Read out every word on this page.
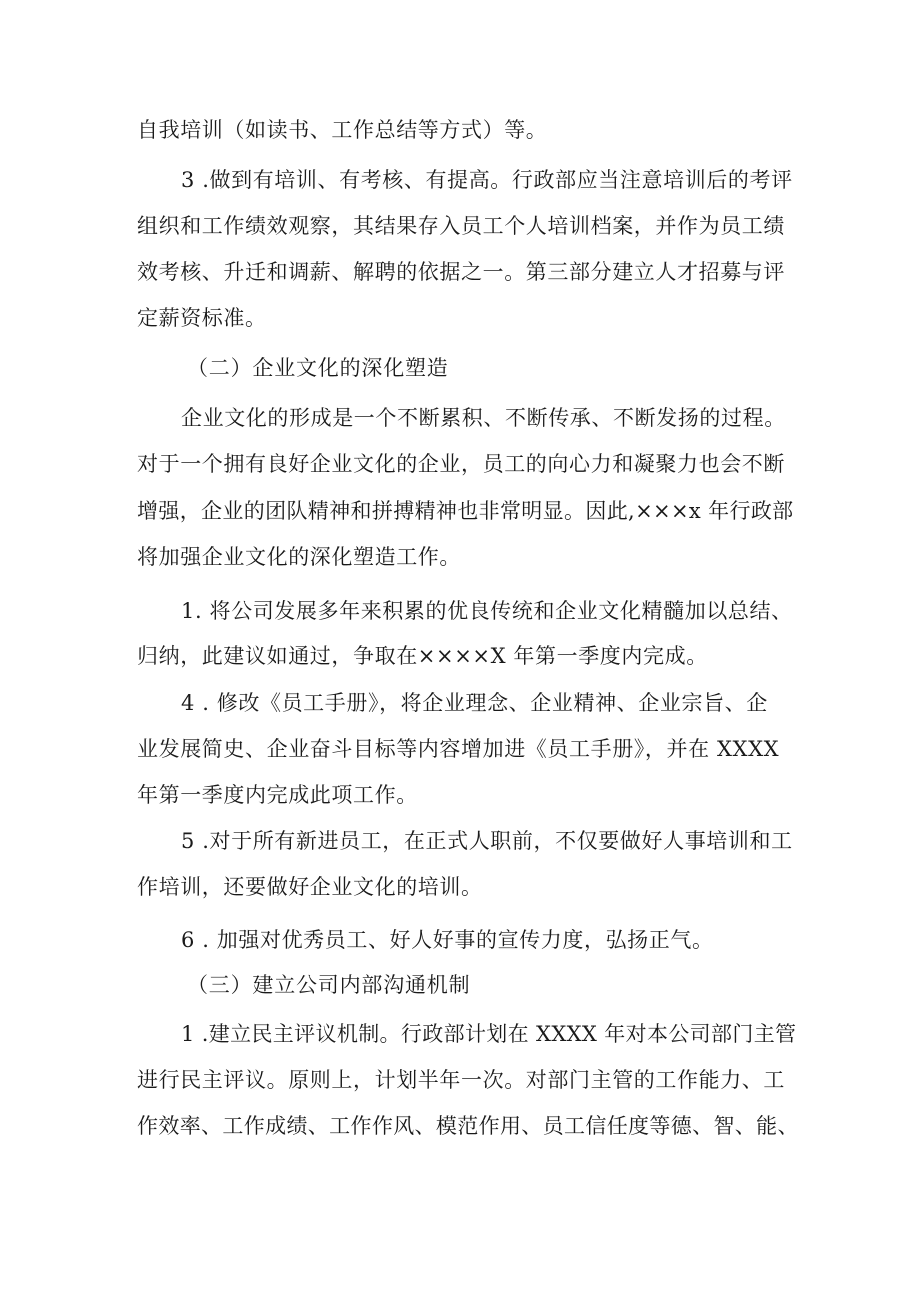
自我培训（如读书、工作总结等方式）等。
3 .做到有培训、有考核、有提高。行政部应当注意培训后的考评
组织和工作绩效观察，其结果存入员工个人培训档案，并作为员工绩
效考核、升迁和调薪、解聘的依据之一。第三部分建立人才招募与评
定薪资标准。
（二）企业文化的深化塑造
企业文化的形成是一个不断累积、不断传承、不断发扬的过程。
对于一个拥有良好企业文化的企业，员工的向心力和凝聚力也会不断
增强，企业的团队精神和拼搏精神也非常明显。因此,×××x 年行政部
将加强企业文化的深化塑造工作。
1. 将公司发展多年来积累的优良传统和企业文化精髓加以总结、
归纳，此建议如通过，争取在××××X 年第一季度内完成。
4 . 修改《员工手册》，将企业理念、企业精神、企业宗旨、企
业发展简史、企业奋斗目标等内容增加进《员工手册》，并在 XXXX
年第一季度内完成此项工作。
5 .对于所有新进员工，在正式人职前，不仅要做好人事培训和工
作培训，还要做好企业文化的培训。
6 . 加强对优秀员工、好人好事的宣传力度，弘扬正气。
（三）建立公司内部沟通机制
1 .建立民主评议机制。行政部计划在 XXXX 年对本公司部门主管
进行民主评议。原则上，计划半年一次。对部门主管的工作能力、工
作效率、工作成绩、工作作风、模范作用、员工信任度等德、智、能、
